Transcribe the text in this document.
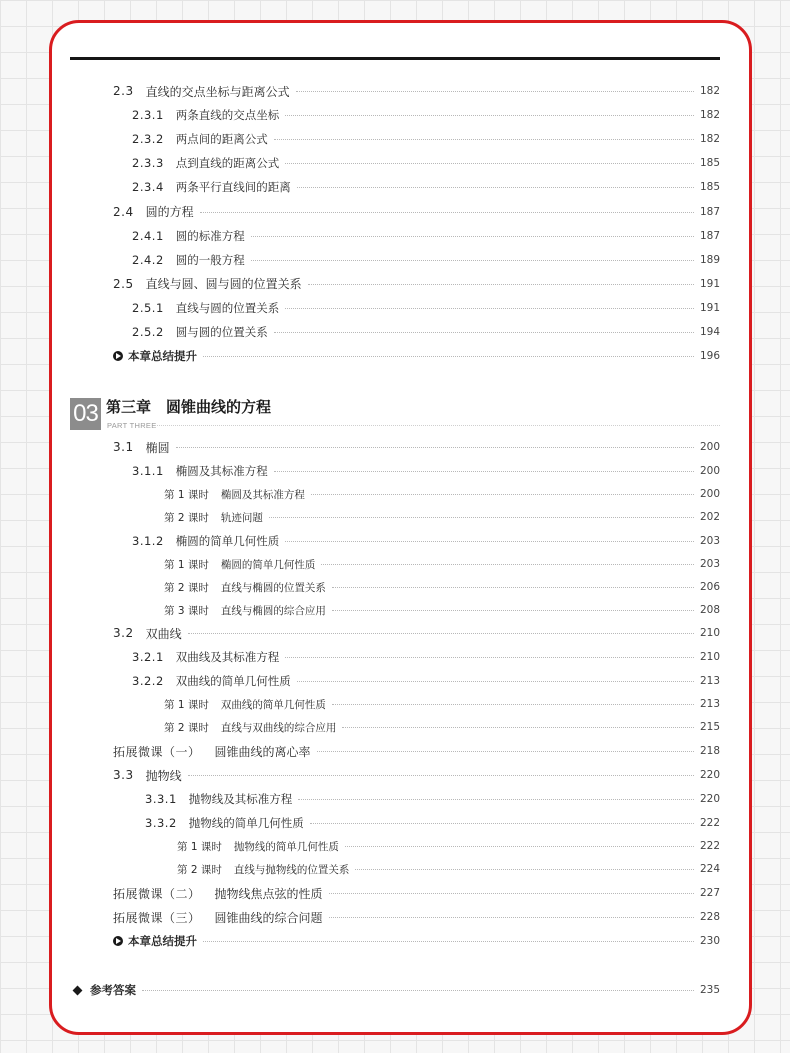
2.3 直线的交点坐标与距离公式	182
2.3.1 两条直线的交点坐标	182
2.3.2 两点间的距离公式	182
2.3.3 点到直线的距离公式	185
2.3.4 两条平行直线间的距离	185
2.4 圆的方程	187
2.4.1 圆的标准方程	187
2.4.2 圆的一般方程	189
2.5 直线与圆、圆与圆的位置关系	191
2.5.1 直线与圆的位置关系	191
2.5.2 圆与圆的位置关系	194
本章总结提升	196
03 第三章　圆锥曲线的方程
PART THREE
3.1 椭圆	200
3.1.1 椭圆及其标准方程	200
第 1 课时 椭圆及其标准方程	200
第 2 课时 轨迹问题	202
3.1.2 椭圆的简单几何性质	203
第 1 课时 椭圆的简单几何性质	203
第 2 课时 直线与椭圆的位置关系	206
第 3 课时 直线与椭圆的综合应用	208
3.2 双曲线	210
3.2.1 双曲线及其标准方程	210
3.2.2 双曲线的简单几何性质	213
第 1 课时 双曲线的简单几何性质	213
第 2 课时 直线与双曲线的综合应用	215
拓展微课（一） 圆锥曲线的离心率	218
3.3 抛物线	220
3.3.1 抛物线及其标准方程	220
3.3.2 抛物线的简单几何性质	222
第 1 课时 抛物线的简单几何性质	222
第 2 课时 直线与抛物线的位置关系	224
拓展微课（二） 抛物线焦点弦的性质	227
拓展微课（三） 圆锥曲线的综合问题	228
本章总结提升	230
参考答案	235
